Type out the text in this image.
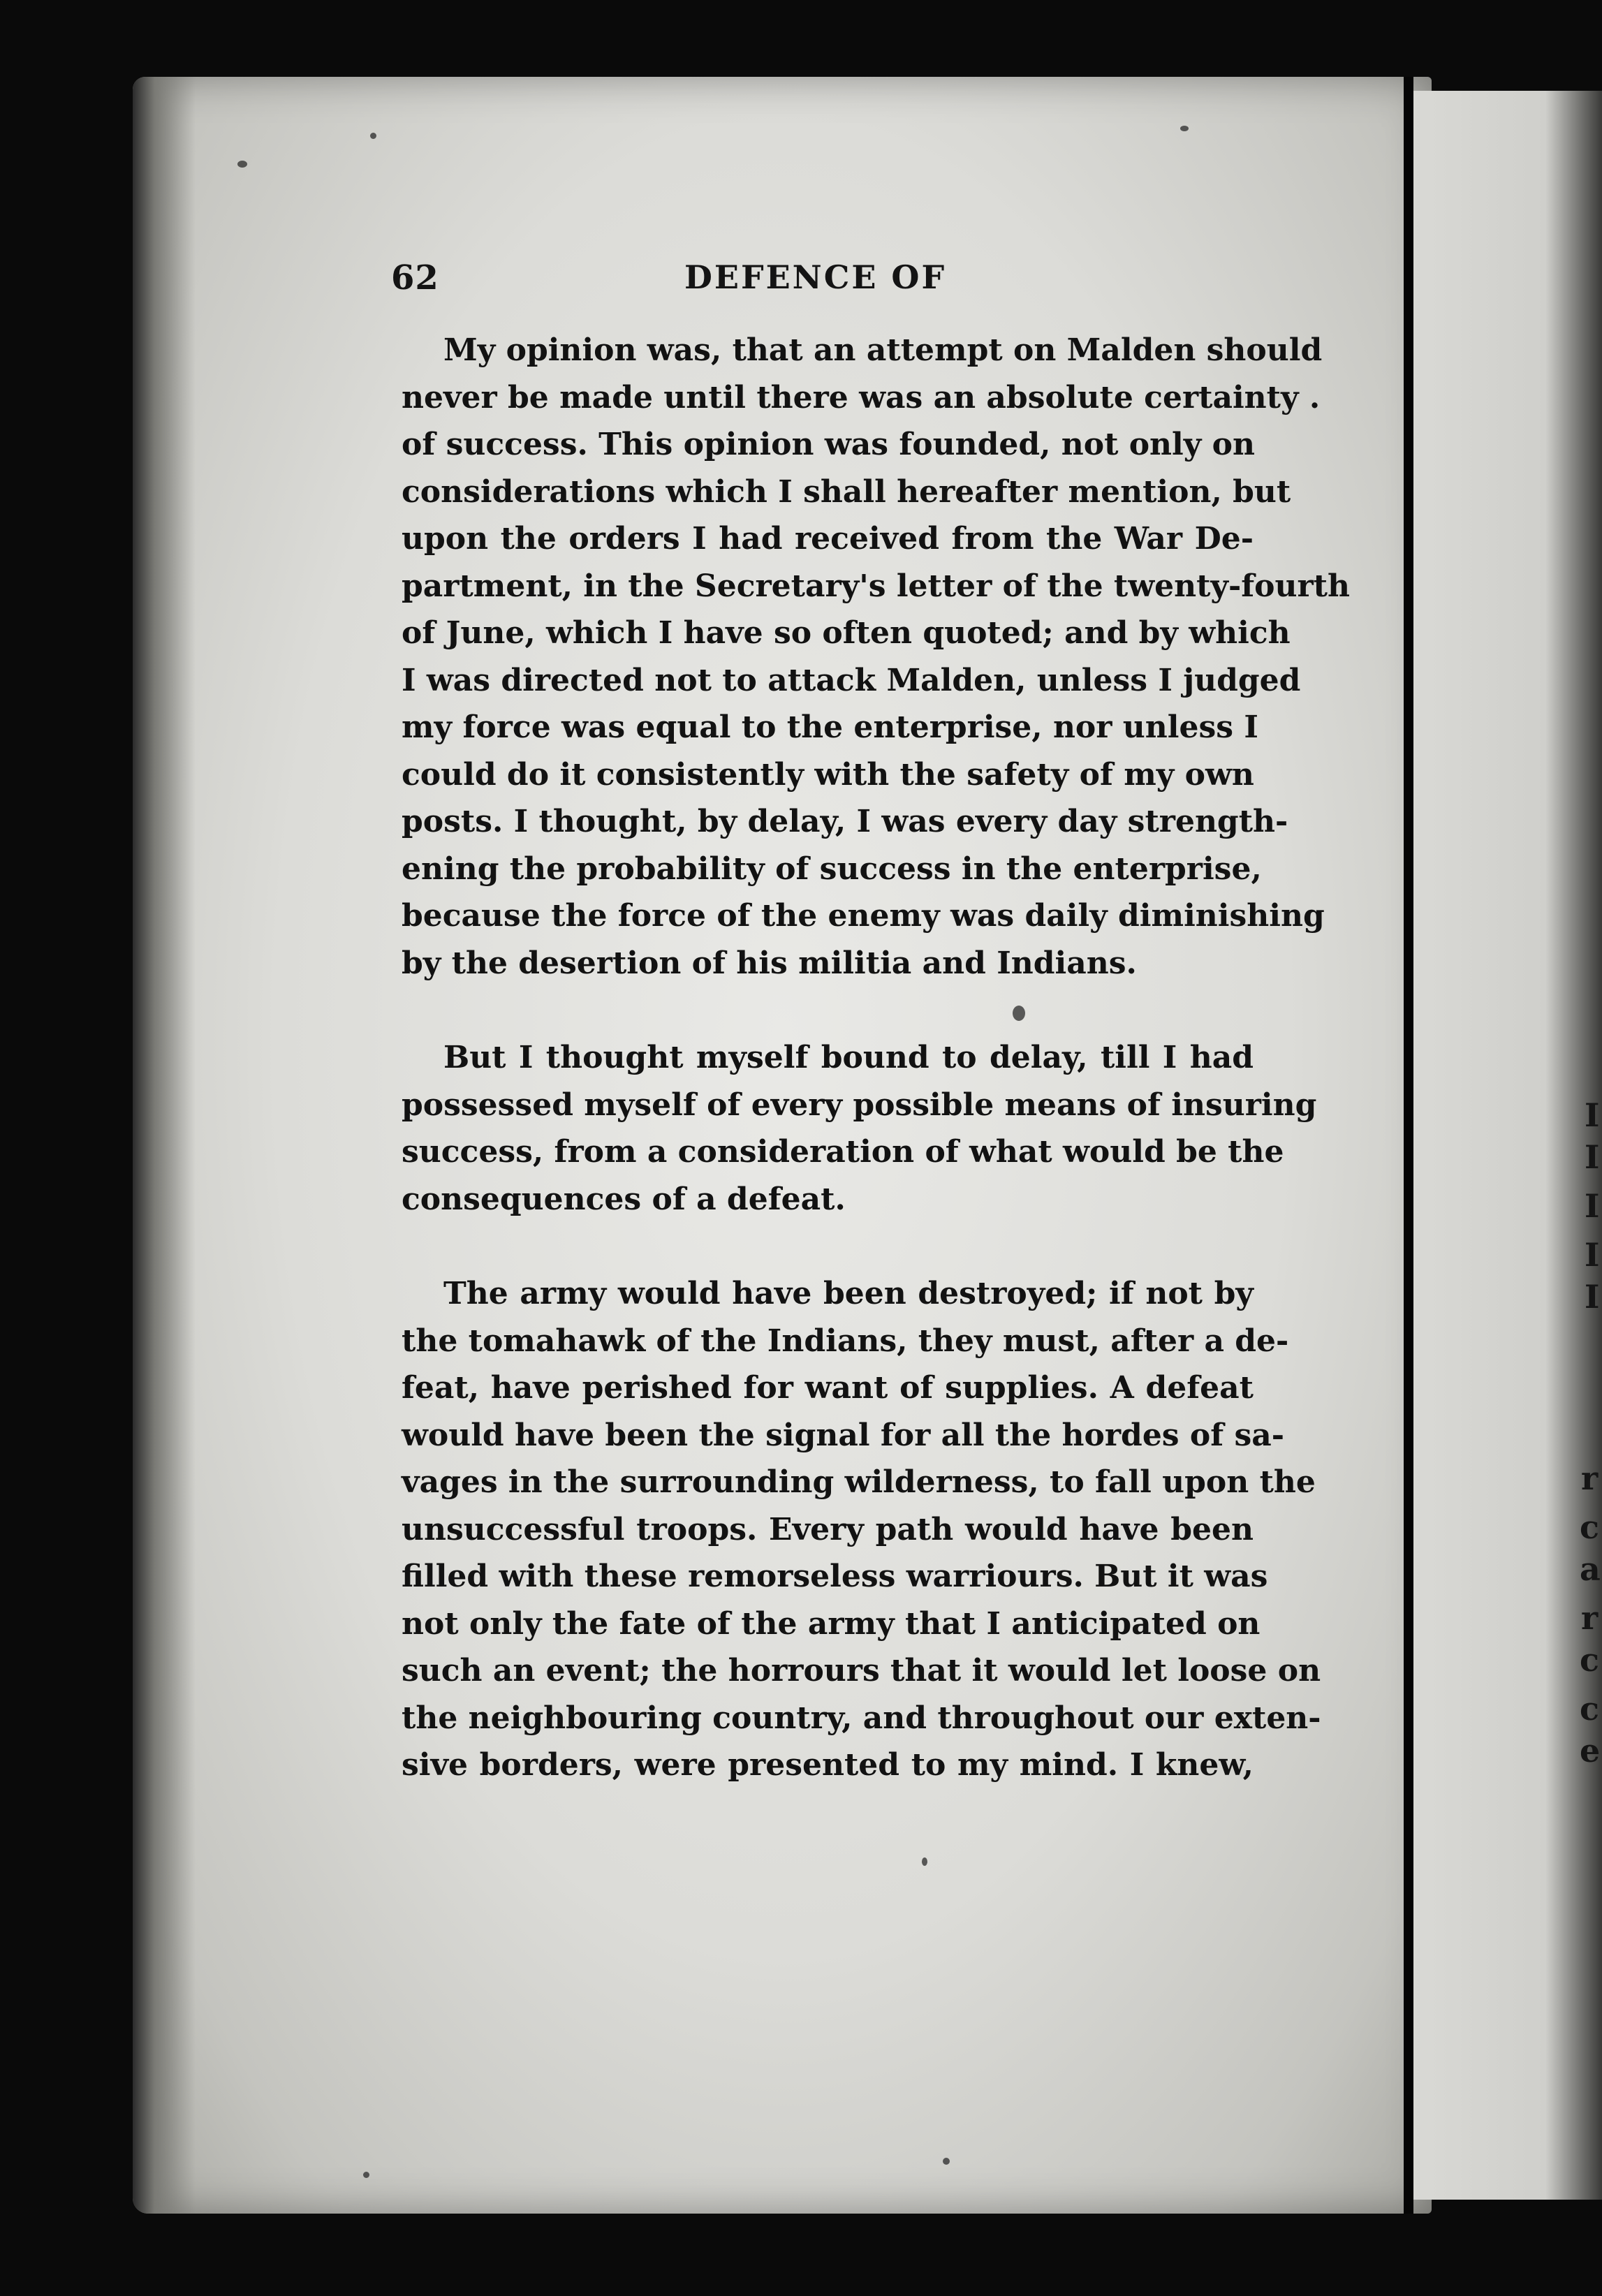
I
I
I
I
I
r
c
a
r
c
c
e
62	DEFENCE OF

My opinion was, that an attempt on Malden should
never be made until there was an absolute certainty .
of success. This opinion was founded, not only on
considerations which I shall hereafter mention, but
upon the orders I had received from the War De-
partment, in the Secretary's letter of the twenty-fourth
of June, which I have so often quoted; and by which
I was directed not to attack Malden, unless I judged
my force was equal to the enterprise, nor unless I
could do it consistently with the safety of my own
posts. I thought, by delay, I was every day strength-
ening the probability of success in the enterprise,
because the force of the enemy was daily diminishing
by the desertion of his militia and Indians.

But I thought myself bound to delay, till I had
possessed myself of every possible means of insuring
success, from a consideration of what would be the
consequences of a defeat.

The army would have been destroyed; if not by
the tomahawk of the Indians, they must, after a de-
feat, have perished for want of supplies. A defeat
would have been the signal for all the hordes of sa-
vages in the surrounding wilderness, to fall upon the
unsuccessful troops. Every path would have been
filled with these remorseless warriours. But it was
not only the fate of the army that I anticipated on
such an event; the horrours that it would let loose on
the neighbouring country, and throughout our exten-
sive borders, were presented to my mind. I knew,
